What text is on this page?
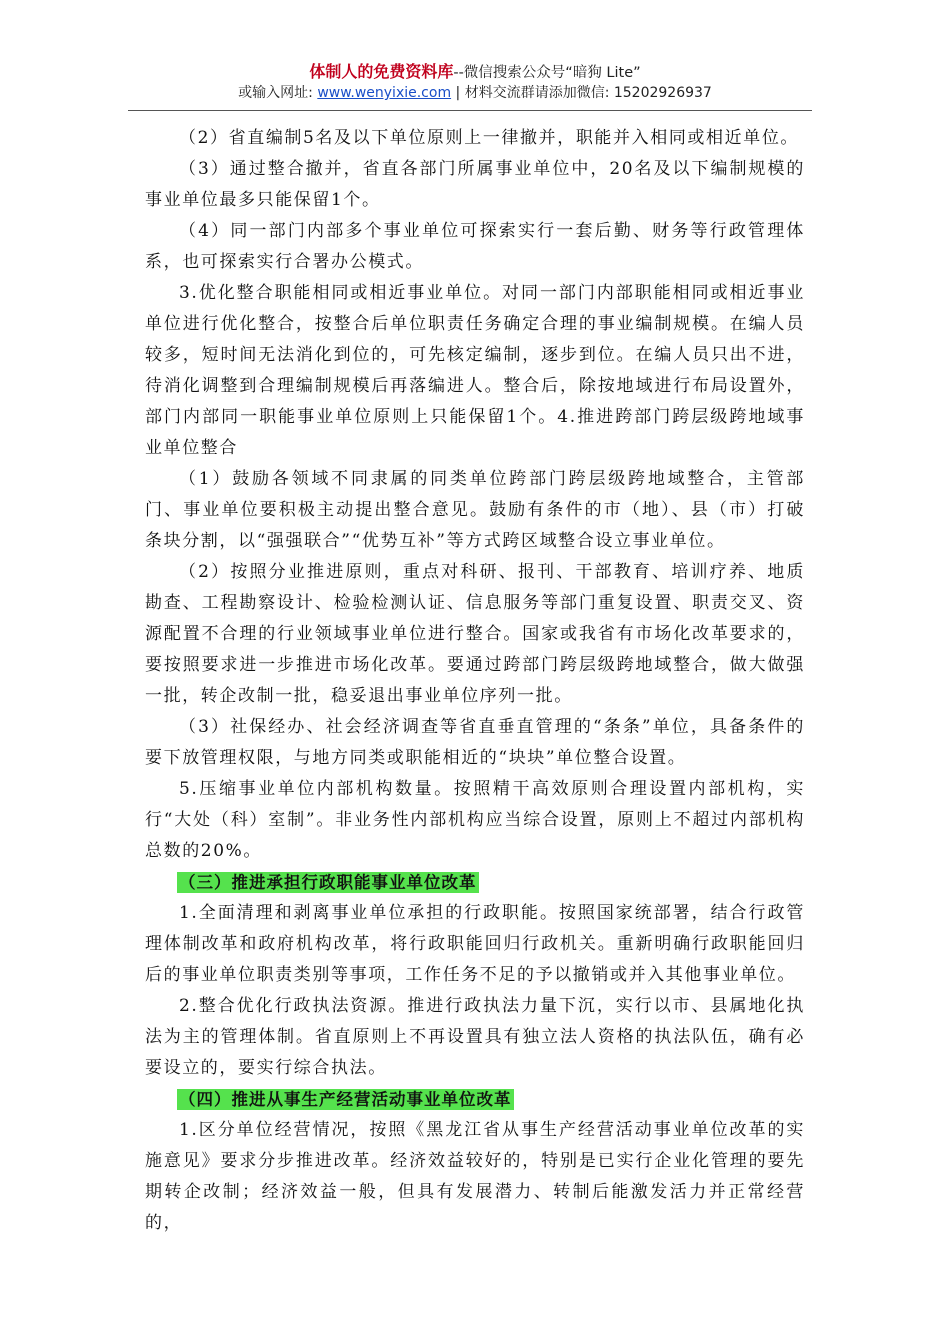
体制人的免费资料库--微信搜索公众号“暗狗 Lite”
或输入网址: www.wenyixie.com | 材料交流群请添加微信: 15202926937

（2）省直编制5名及以下单位原则上一律撤并，职能并入相同或相近单位。

（3）通过整合撤并，省直各部门所属事业单位中，20名及以下编制规模的事业单位最多只能保留1个。

（4）同一部门内部多个事业单位可探索实行一套后勤、财务等行政管理体系，也可探索实行合署办公模式。

3.优化整合职能相同或相近事业单位。对同一部门内部职能相同或相近事业单位进行优化整合，按整合后单位职责任务确定合理的事业编制规模。在编人员较多，短时间无法消化到位的，可先核定编制，逐步到位。在编人员只出不进，待消化调整到合理编制规模后再落编进人。整合后，除按地域进行布局设置外，部门内部同一职能事业单位原则上只能保留1个。4.推进跨部门跨层级跨地域事业单位整合

（1）鼓励各领域不同隶属的同类单位跨部门跨层级跨地域整合，主管部门、事业单位要积极主动提出整合意见。鼓励有条件的市（地）、县（市）打破条块分割，以“强强联合”“优势互补”等方式跨区域整合设立事业单位。

（2）按照分业推进原则，重点对科研、报刊、干部教育、培训疗养、地质勘查、工程勘察设计、检验检测认证、信息服务等部门重复设置、职责交叉、资源配置不合理的行业领域事业单位进行整合。国家或我省有市场化改革要求的，要按照要求进一步推进市场化改革。要通过跨部门跨层级跨地域整合，做大做强一批，转企改制一批，稳妥退出事业单位序列一批。

（3）社保经办、社会经济调查等省直垂直管理的“条条”单位，具备条件的要下放管理权限，与地方同类或职能相近的“块块”单位整合设置。

5.压缩事业单位内部机构数量。按照精干高效原则合理设置内部机构，实行“大处（科）室制”。非业务性内部机构应当综合设置，原则上不超过内部机构总数的20%。

（三）推进承担行政职能事业单位改革

1.全面清理和剥离事业单位承担的行政职能。按照国家统部署，结合行政管理体制改革和政府机构改革，将行政职能回归行政机关。重新明确行政职能回归后的事业单位职责类别等事项，工作任务不足的予以撤销或并入其他事业单位。

2.整合优化行政执法资源。推进行政执法力量下沉，实行以市、县属地化执法为主的管理体制。省直原则上不再设置具有独立法人资格的执法队伍，确有必要设立的，要实行综合执法。

（四）推进从事生产经营活动事业单位改革

1.区分单位经营情况，按照《黑龙江省从事生产经营活动事业单位改革的实施意见》要求分步推进改革。经济效益较好的，特别是已实行企业化管理的要先期转企改制；经济效益一般，但具有发展潜力、转制后能激发活力并正常经营的，
